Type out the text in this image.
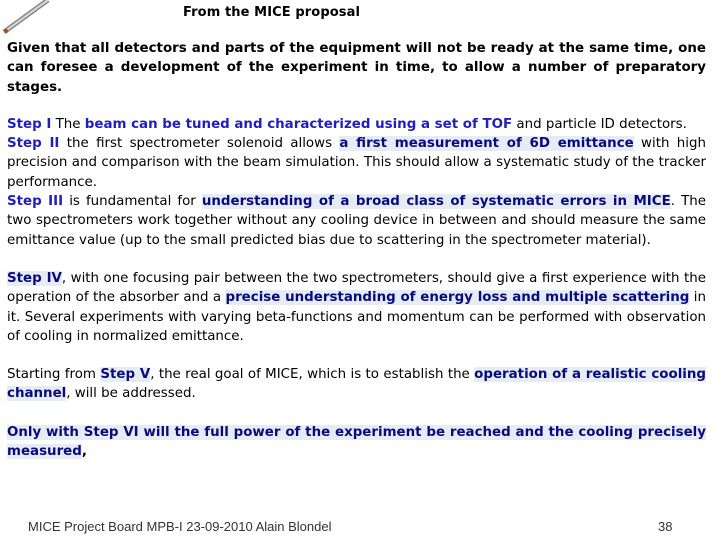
From the MICE proposal

Given that all detectors and parts of the equipment will not be ready at the same time, one can foresee a development of the experiment in time, to allow a number of preparatory stages.

Step I The beam can be tuned and characterized using a set of TOF and particle ID detectors.

Step II the first spectrometer solenoid allows a first measurement of 6D emittance with high precision and comparison with the beam simulation. This should allow a systematic study of the tracker performance.

Step III is fundamental for understanding of a broad class of systematic errors in MICE. The two spectrometers work together without any cooling device in between and should measure the same emittance value (up to the small predicted bias due to scattering in the spectrometer material).

Step IV, with one focusing pair between the two spectrometers, should give a first experience with the operation of the absorber and a precise understanding of energy loss and multiple scattering in it. Several experiments with varying beta-functions and momentum can be performed with observation of cooling in normalized emittance.

Starting from Step V, the real goal of MICE, which is to establish the operation of a realistic cooling channel, will be addressed.

Only with Step VI will the full power of the experiment be reached and the cooling precisely measured,

MICE Project Board MPB-I 23-09-2010 Alain Blondel	38
